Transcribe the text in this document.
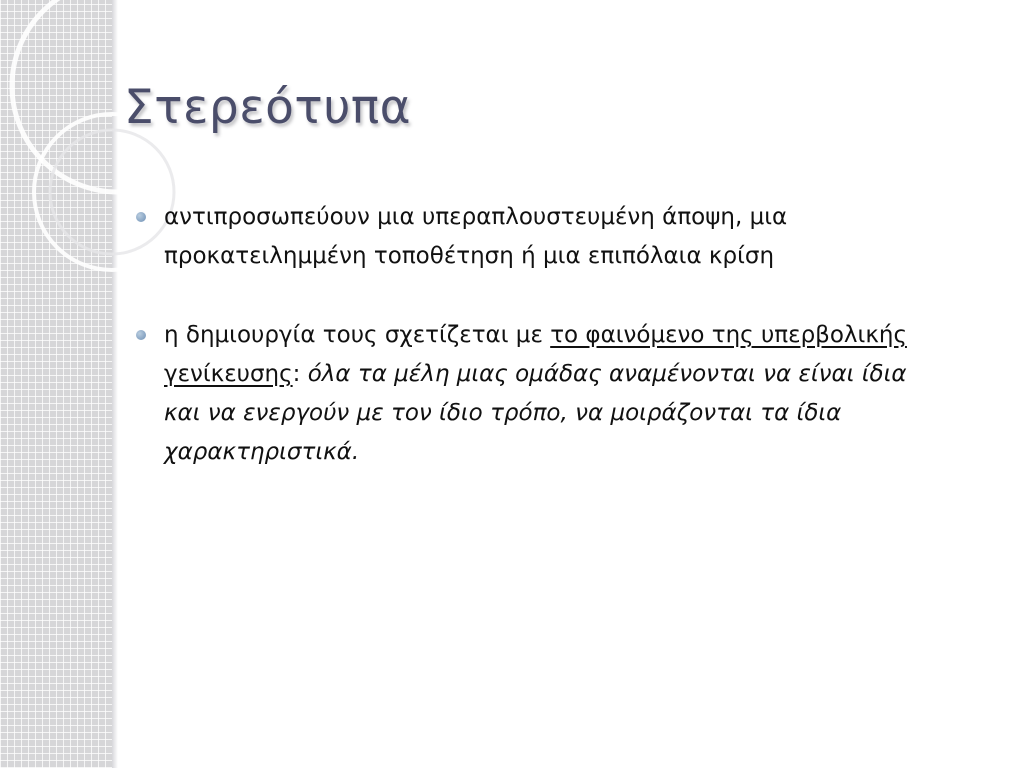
Στερεότυπα
αντιπροσωπεύουν μια υπεραπλουστευμένη άποψη, μια προκατειλημμένη τοποθέτηση ή μια επιπόλαια κρίση
η δημιουργία τους σχετίζεται με το φαινόμενο της υπερβολικής γενίκευσης: όλα τα μέλη μιας ομάδας αναμένονται να είναι ίδια και να ενεργούν με τον ίδιο τρόπο, να μοιράζονται τα ίδια χαρακτηριστικά.
